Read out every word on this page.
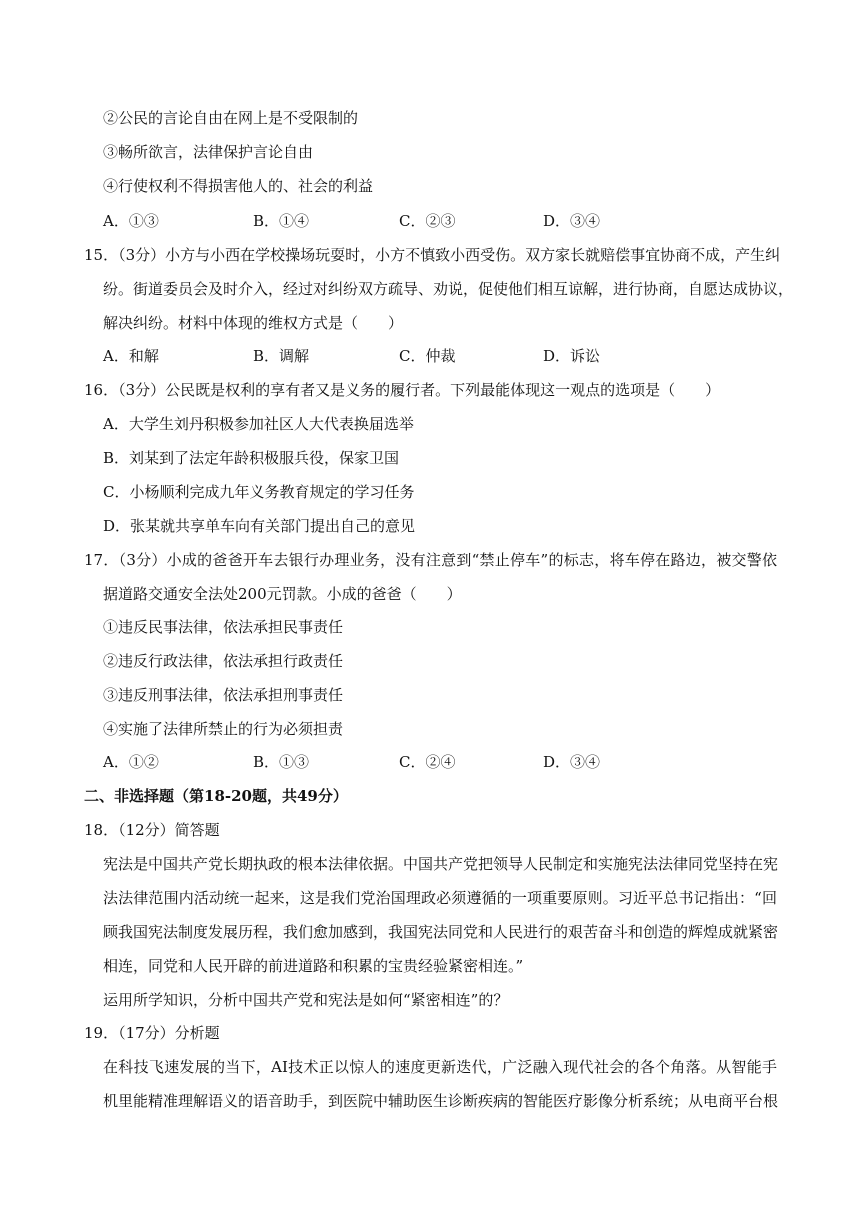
②公民的言论自由在网上是不受限制的
③畅所欲言，法律保护言论自由
④行使权利不得损害他人的、社会的利益
A．①③	B．①④	C．②③	D．③④
15．（3分）小方与小西在学校操场玩耍时，小方不慎致小西受伤。双方家长就赔偿事宜协商不成，产生纠
纷。街道委员会及时介入，经过对纠纷双方疏导、劝说，促使他们相互谅解，进行协商，自愿达成协议，
解决纠纷。材料中体现的维权方式是（　　）
A．和解	B．调解	C．仲裁	D．诉讼
16．（3分）公民既是权利的享有者又是义务的履行者。下列最能体现这一观点的选项是（　　）
A．大学生刘丹积极参加社区人大代表换届选举
B．刘某到了法定年龄积极服兵役，保家卫国
C．小杨顺利完成九年义务教育规定的学习任务
D．张某就共享单车向有关部门提出自己的意见
17．（3分）小成的爸爸开车去银行办理业务，没有注意到“禁止停车”的标志，将车停在路边，被交警依
据道路交通安全法处200元罚款。小成的爸爸（　　）
①违反民事法律，依法承担民事责任
②违反行政法律，依法承担行政责任
③违反刑事法律，依法承担刑事责任
④实施了法律所禁止的行为必须担责
A．①②	B．①③	C．②④	D．③④
二、非选择题（第18-20题，共49分）
18．（12分）简答题
宪法是中国共产党长期执政的根本法律依据。中国共产党把领导人民制定和实施宪法法律同党坚持在宪
法法律范围内活动统一起来，这是我们党治国理政必须遵循的一项重要原则。习近平总书记指出：“回
顾我国宪法制度发展历程，我们愈加感到，我国宪法同党和人民进行的艰苦奋斗和创造的辉煌成就紧密
相连，同党和人民开辟的前进道路和积累的宝贵经验紧密相连。”
运用所学知识，分析中国共产党和宪法是如何“紧密相连”的？
19．（17分）分析题
在科技飞速发展的当下，AI技术正以惊人的速度更新迭代，广泛融入现代社会的各个角落。从智能手
机里能精准理解语义的语音助手，到医院中辅助医生诊断疾病的智能医疗影像分析系统；从电商平台根
